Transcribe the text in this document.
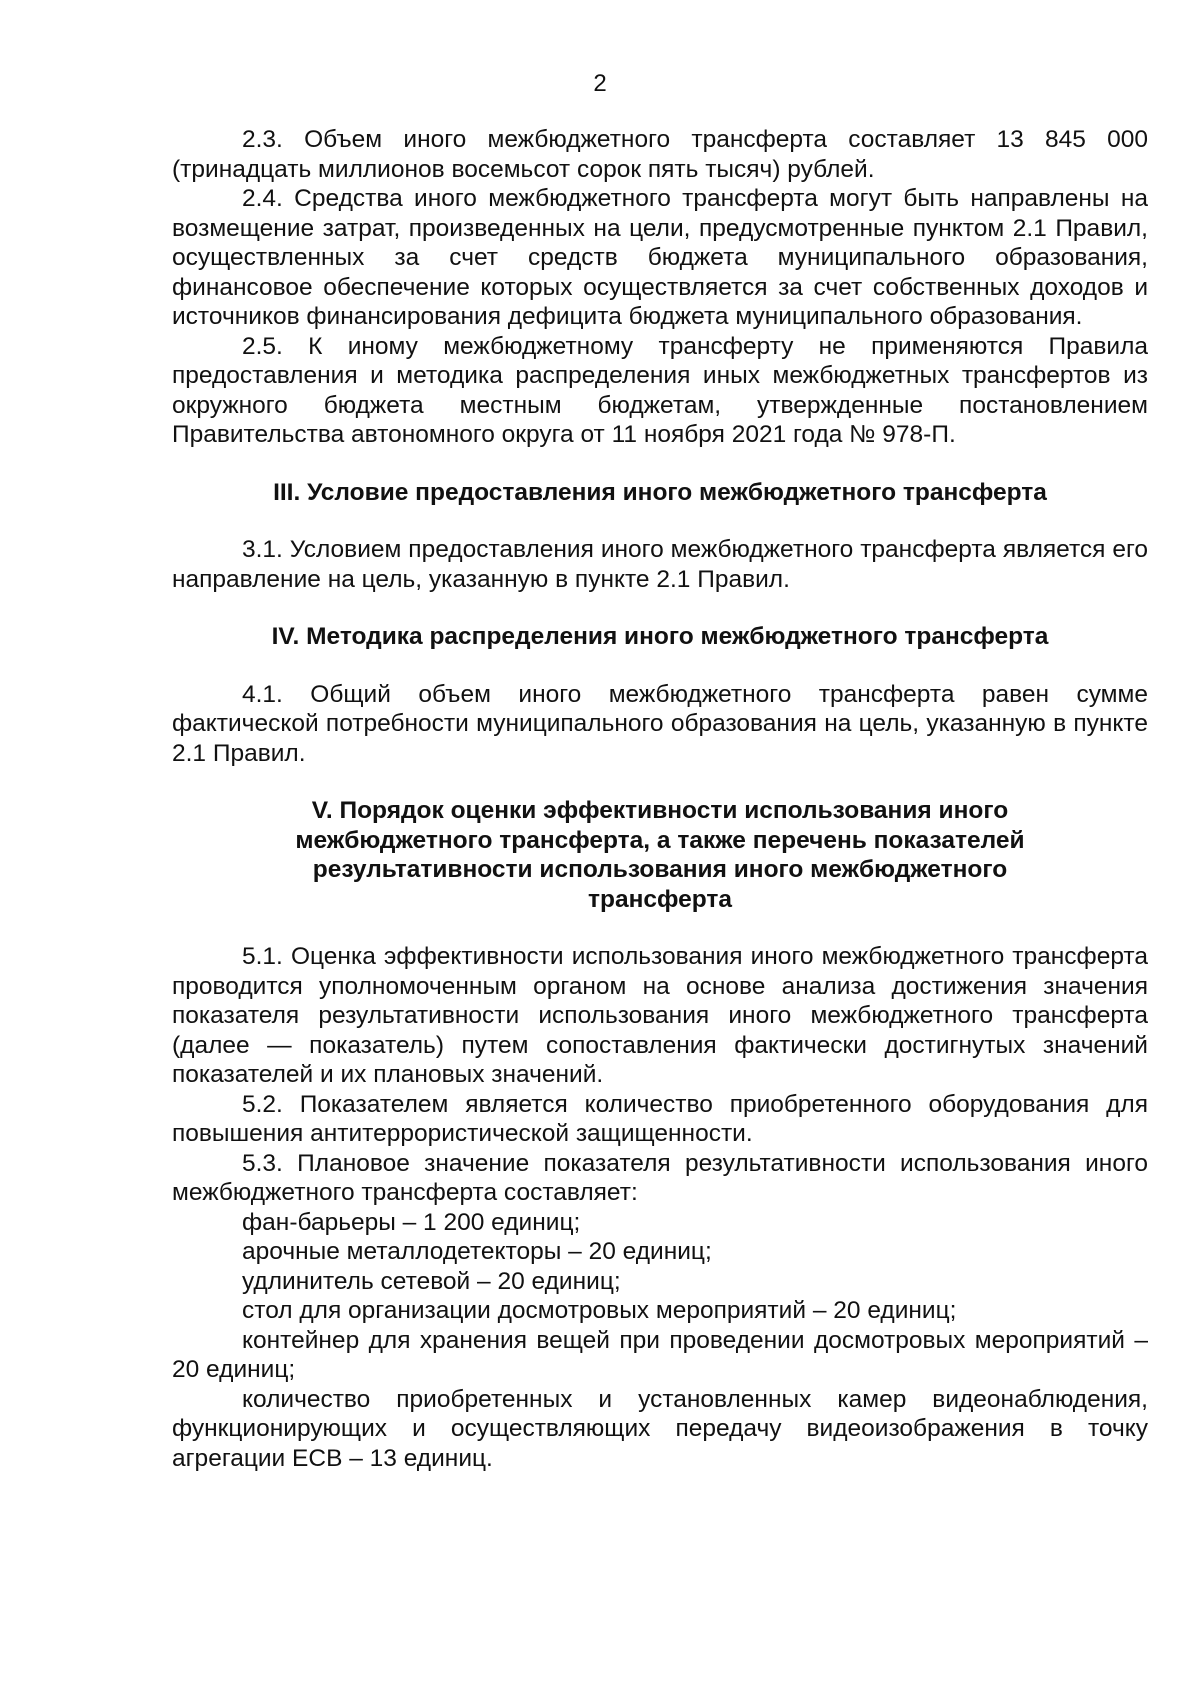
2

2.3. Объем иного межбюджетного трансферта составляет 13 845 000 (тринадцать миллионов восемьсот сорок пять тысяч) рублей.

2.4. Средства иного межбюджетного трансферта могут быть направлены на возмещение затрат, произведенных на цели, предусмотренные пунктом 2.1 Правил, осуществленных за счет средств бюджета муниципального образования, финансовое обеспечение которых осуществляется за счет собственных доходов и источников финансирования дефицита бюджета муниципального образования.

2.5. К иному межбюджетному трансферту не применяются Правила предоставления и методика распределения иных межбюджетных трансфертов из окружного бюджета местным бюджетам, утвержденные постановлением Правительства автономного округа от 11 ноября 2021 года № 978-П.

III. Условие предоставления иного межбюджетного трансферта

3.1. Условием предоставления иного межбюджетного трансферта является его направление на цель, указанную в пункте 2.1 Правил.

IV. Методика распределения иного межбюджетного трансферта

4.1. Общий объем иного межбюджетного трансферта равен сумме фактической потребности муниципального образования на цель, указанную в пункте 2.1 Правил.

V. Порядок оценки эффективности использования иного межбюджетного трансферта, а также перечень показателей результативности использования иного межбюджетного трансферта

5.1. Оценка эффективности использования иного межбюджетного трансферта проводится уполномоченным органом на основе анализа достижения значения показателя результативности использования иного межбюджетного трансферта (далее — показатель) путем сопоставления фактически достигнутых значений показателей и их плановых значений.

5.2. Показателем является количество приобретенного оборудования для повышения антитеррористической защищенности.

5.3. Плановое значение показателя результативности использования иного межбюджетного трансферта составляет:

фан-барьеры – 1 200 единиц;

арочные металлодетекторы – 20 единиц;

удлинитель сетевой – 20 единиц;

стол для организации досмотровых мероприятий – 20 единиц;

контейнер для хранения вещей при проведении досмотровых мероприятий – 20 единиц;

количество приобретенных и установленных камер видеонаблюдения, функционирующих и осуществляющих передачу видеоизображения в точку агрегации ЕСВ – 13 единиц.
